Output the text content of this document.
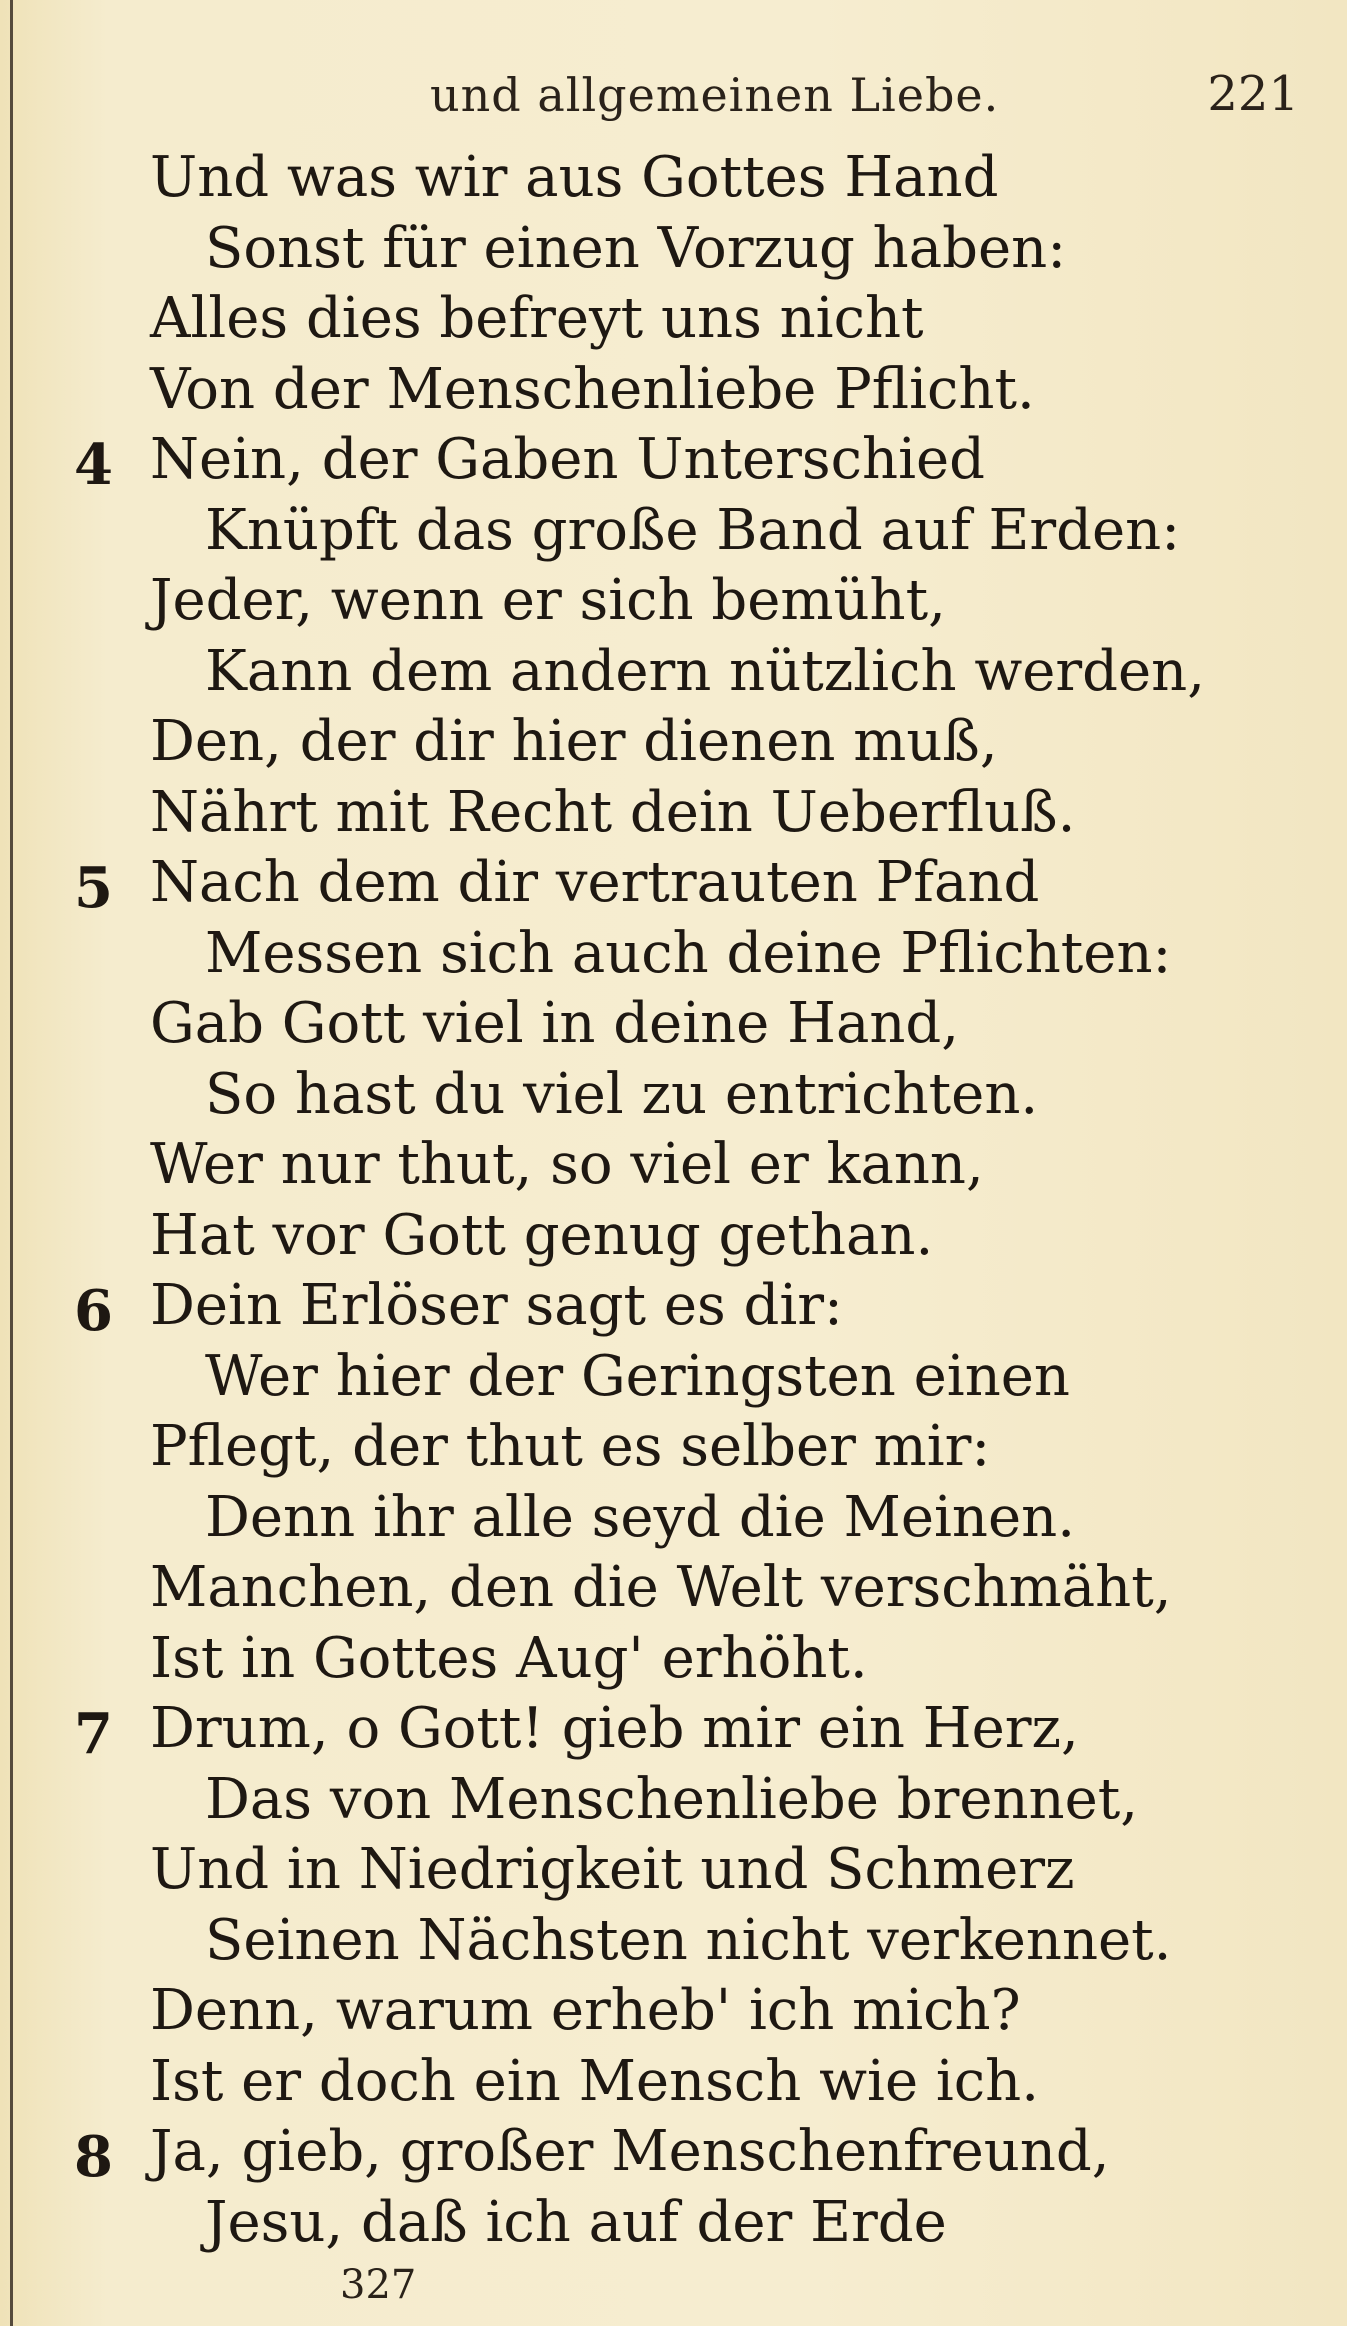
und allgemeinen Liebe.	221
Und was wir aus Gottes Hand
Sonst für einen Vorzug haben:
Alles dies befreyt uns nicht
Von der Menschenliebe Pflicht.
4 Nein, der Gaben Unterschied
Knüpft das große Band auf Erden:
Jeder, wenn er sich bemüht,
Kann dem andern nützlich werden,
Den, der dir hier dienen muß,
Nährt mit Recht dein Ueberfluß.
5 Nach dem dir vertrauten Pfand
Messen sich auch deine Pflichten:
Gab Gott viel in deine Hand,
So hast du viel zu entrichten.
Wer nur thut, so viel er kann,
Hat vor Gott genug gethan.
6 Dein Erlöser sagt es dir:
Wer hier der Geringsten einen
Pflegt, der thut es selber mir:
Denn ihr alle seyd die Meinen.
Manchen, den die Welt verschmäht,
Ist in Gottes Aug' erhöht.
7 Drum, o Gott! gieb mir ein Herz,
Das von Menschenliebe brennet,
Und in Niedrigkeit und Schmerz
Seinen Nächsten nicht verkennet.
Denn, warum erheb' ich mich?
Ist er doch ein Mensch wie ich.
8 Ja, gieb, großer Menschenfreund,
Jesu, daß ich auf der Erde
327
